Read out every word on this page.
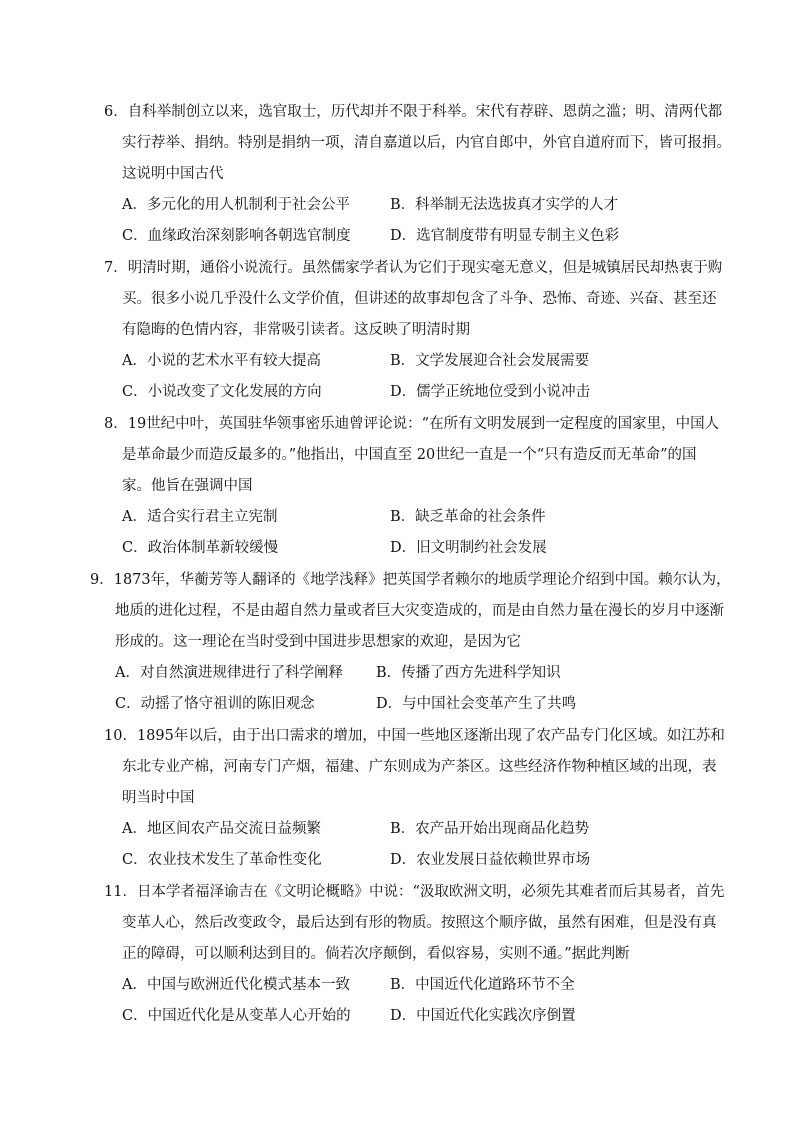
6．自科举制创立以来，选官取士，历代却并不限于科举。宋代有荐辟、恩荫之滥；明、清两代都
实行荐举、捐纳。特别是捐纳一项，清自嘉道以后，内官自郎中，外官自道府而下，皆可报捐。
这说明中国古代
A．多元化的用人机制利于社会公平	B．科举制无法选拔真才实学的人才
C．血缘政治深刻影响各朝选官制度	D．选官制度带有明显专制主义色彩
7．明清时期，通俗小说流行。虽然儒家学者认为它们于现实毫无意义，但是城镇居民却热衷于购
买。很多小说几乎没什么文学价值，但讲述的故事却包含了斗争、恐怖、奇迹、兴奋、甚至还
有隐晦的色情内容，非常吸引读者。这反映了明清时期
A．小说的艺术水平有较大提高	B．文学发展迎合社会发展需要
C．小说改变了文化发展的方向	D．儒学正统地位受到小说冲击
8．19世纪中叶，英国驻华领事密乐迪曾评论说：“在所有文明发展到一定程度的国家里，中国人
是革命最少而造反最多的。”他指出，中国直至 20世纪一直是一个“只有造反而无革命”的国
家。他旨在强调中国
A．适合实行君主立宪制	B．缺乏革命的社会条件
C．政治体制革新较缓慢	D．旧文明制约社会发展
9．1873年，华蘅芳等人翻译的《地学浅释》把英国学者赖尔的地质学理论介绍到中国。赖尔认为，
地质的进化过程，不是由超自然力量或者巨大灾变造成的，而是由自然力量在漫长的岁月中逐渐
形成的。这一理论在当时受到中国进步思想家的欢迎，是因为它
A．对自然演进规律进行了科学阐释 B．传播了西方先进科学知识
C．动摇了恪守祖训的陈旧观念	D．与中国社会变革产生了共鸣
10．1895年以后，由于出口需求的增加，中国一些地区逐渐出现了农产品专门化区域。如江苏和
东北专业产棉，河南专门产烟，福建、广东则成为产茶区。这些经济作物种植区域的出现，表
明当时中国
A．地区间农产品交流日益频繁	B．农产品开始出现商品化趋势
C．农业技术发生了革命性变化	D．农业发展日益依赖世界市场
11．日本学者福泽谕吉在《文明论概略》中说：“汲取欧洲文明，必须先其难者而后其易者，首先
变革人心，然后改变政令，最后达到有形的物质。按照这个顺序做，虽然有困难，但是没有真
正的障碍，可以顺利达到目的。倘若次序颠倒，看似容易，实则不通。”据此判断
A．中国与欧洲近代化模式基本一致	B．中国近代化道路环节不全
C．中国近代化是从变革人心开始的	D．中国近代化实践次序倒置
